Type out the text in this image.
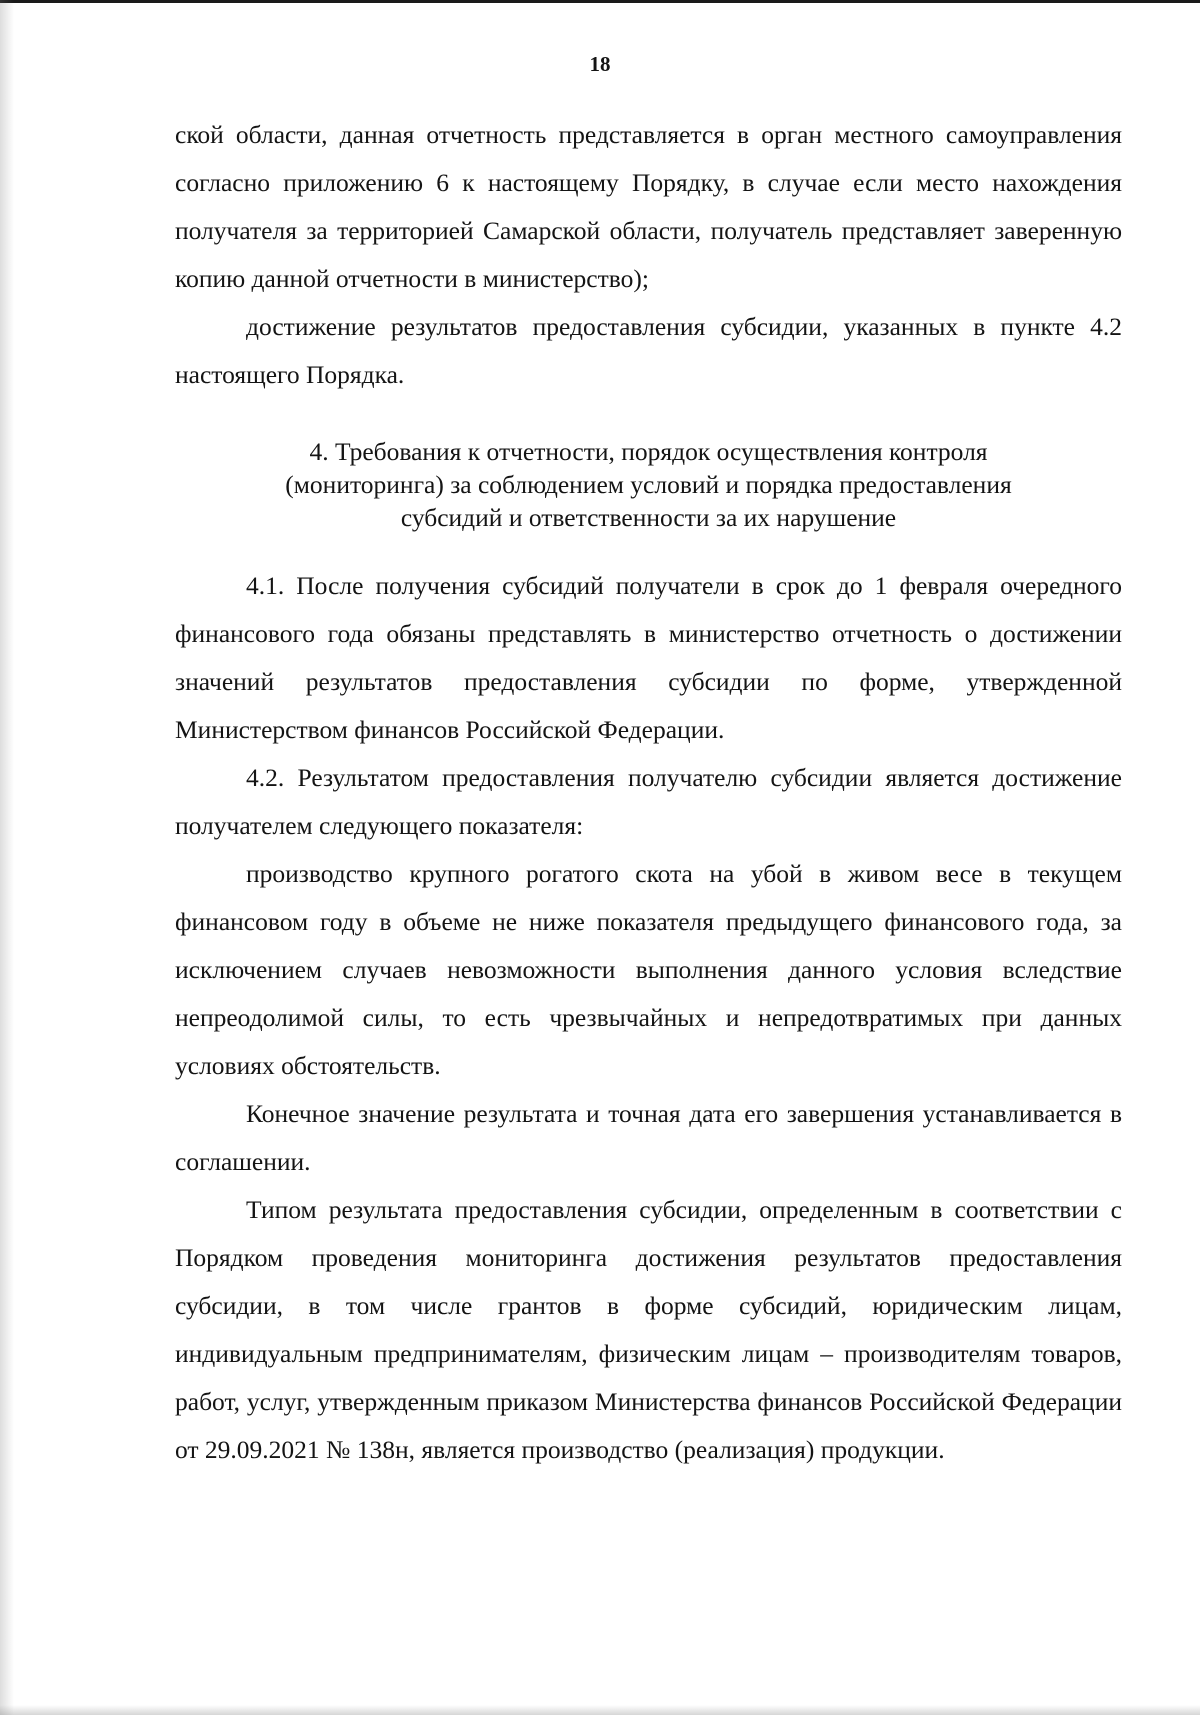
18

ской области, данная отчетность представляется в орган местного самоуправления согласно приложению 6 к настоящему Порядку, в случае если место нахождения получателя за территорией Самарской области, получатель представляет заверенную копию данной отчетности в министерство);

достижение результатов предоставления субсидии, указанных в пункте 4.2 настоящего Порядка.

4. Требования к отчетности, порядок осуществления контроля
(мониторинга) за соблюдением условий и порядка предоставления
субсидий и ответственности за их нарушение

4.1. После получения субсидий получатели в срок до 1 февраля очередного финансового года обязаны представлять в министерство отчетность о достижении значений результатов предоставления субсидии по форме, утвержденной Министерством финансов Российской Федерации.

4.2. Результатом предоставления получателю субсидии является достижение получателем следующего показателя:

производство крупного рогатого скота на убой в живом весе в текущем финансовом году в объеме не ниже показателя предыдущего финансового года, за исключением случаев невозможности выполнения данного условия вследствие непреодолимой силы, то есть чрезвычайных и непредотвратимых при данных условиях обстоятельств.

Конечное значение результата и точная дата его завершения устанавливается в соглашении.

Типом результата предоставления субсидии, определенным в соответствии с Порядком проведения мониторинга достижения результатов предоставления субсидии, в том числе грантов в форме субсидий, юридическим лицам, индивидуальным предпринимателям, физическим лицам – производителям товаров, работ, услуг, утвержденным приказом Министерства финансов Российской Федерации от 29.09.2021 № 138н, является производство (реализация) продукции.
